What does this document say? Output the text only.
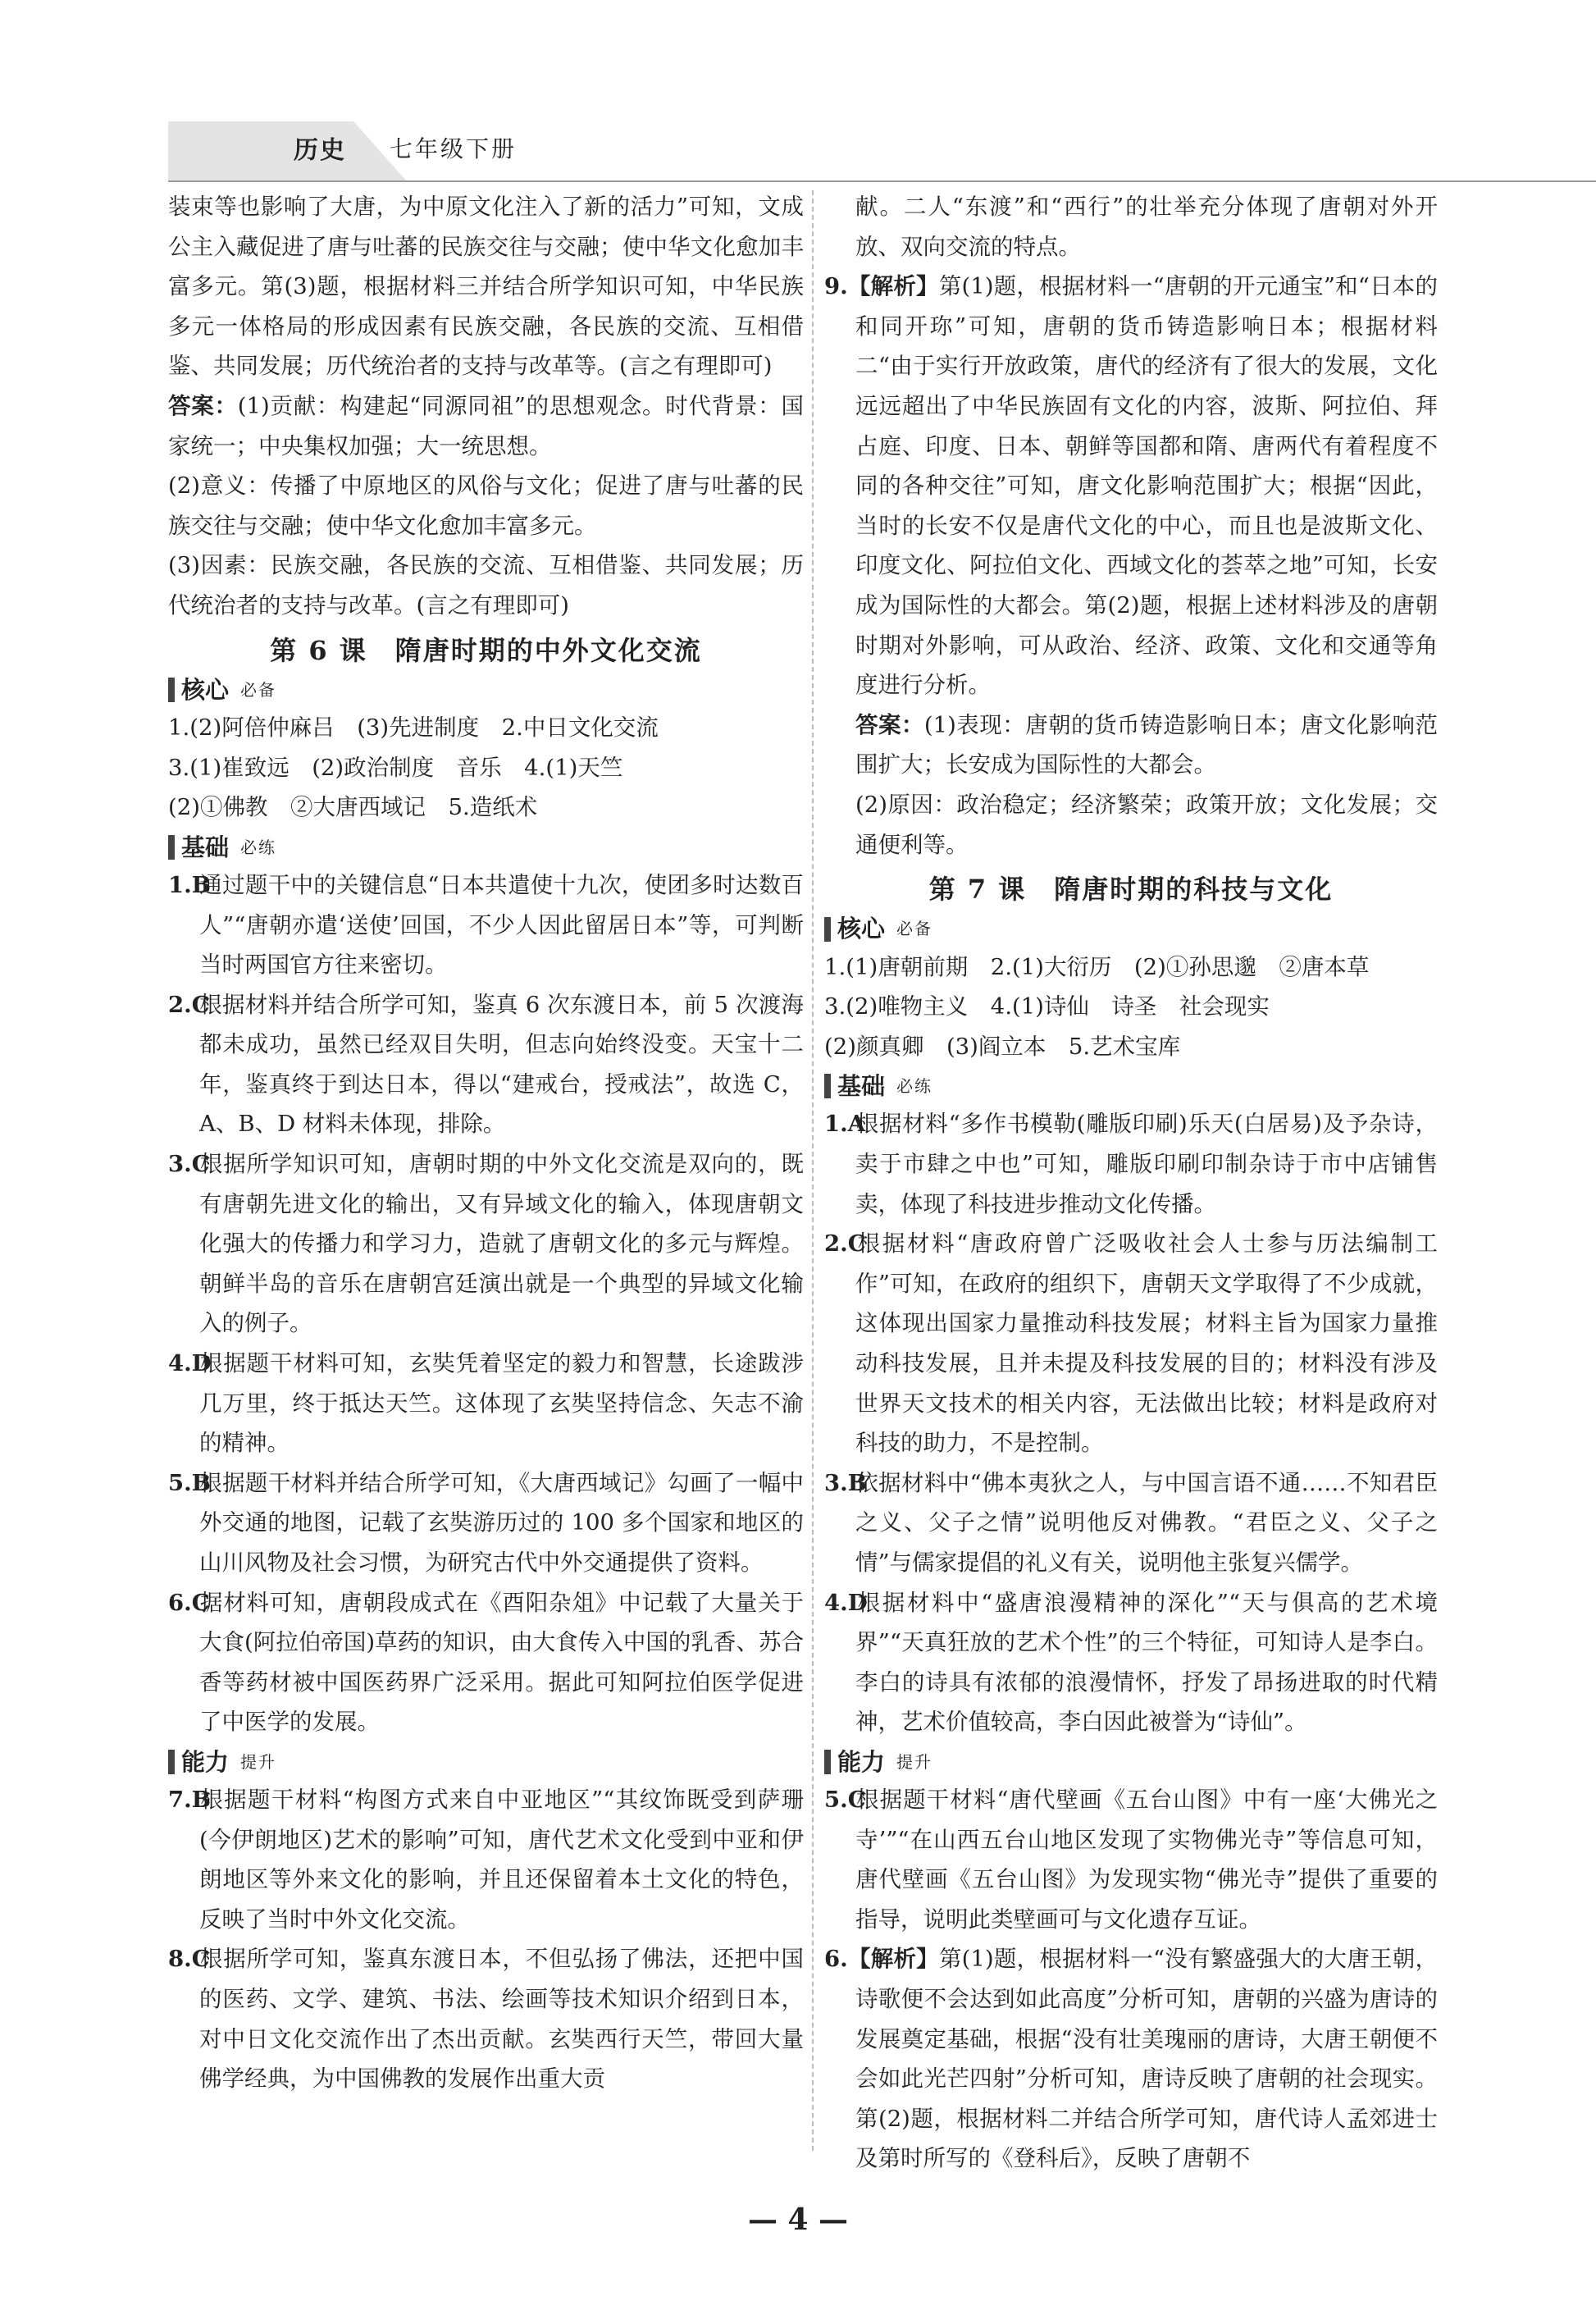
历史 七年级下册

装束等也影响了大唐，为中原文化注入了新的活力”可知，文成公主入藏促进了唐与吐蕃的民族交往与交融；使中华文化愈加丰富多元。第(3)题，根据材料三并结合所学知识可知，中华民族多元一体格局的形成因素有民族交融，各民族的交流、互相借鉴、共同发展；历代统治者的支持与改革等。(言之有理即可)

答案：(1)贡献：构建起“同源同祖”的思想观念。时代背景：国家统一；中央集权加强；大一统思想。

(2)意义：传播了中原地区的风俗与文化；促进了唐与吐蕃的民族交往与交融；使中华文化愈加丰富多元。

(3)因素：民族交融，各民族的交流、互相借鉴、共同发展；历代统治者的支持与改革。(言之有理即可)

第 6 课　隋唐时期的中外文化交流
核心 必备

1.(2)阿倍仲麻吕　(3)先进制度　2.中日文化交流

3.(1)崔致远　(2)政治制度　音乐　4.(1)天竺

(2)①佛教　②大唐西域记　5.造纸术

基础 必练

1.B通过题干中的关键信息“日本共遣使十九次，使团多时达数百人”“唐朝亦遣‘送使’回国，不少人因此留居日本”等，可判断当时两国官方往来密切。

2.C根据材料并结合所学可知，鉴真 6 次东渡日本，前 5 次渡海都未成功，虽然已经双目失明，但志向始终没变。天宝十二年，鉴真终于到达日本，得以“建戒台，授戒法”，故选 C，A、B、D 材料未体现，排除。

3.C根据所学知识可知，唐朝时期的中外文化交流是双向的，既有唐朝先进文化的输出，又有异域文化的输入，体现唐朝文化强大的传播力和学习力，造就了唐朝文化的多元与辉煌。朝鲜半岛的音乐在唐朝宫廷演出就是一个典型的异域文化输入的例子。

4.D根据题干材料可知，玄奘凭着坚定的毅力和智慧，长途跋涉几万里，终于抵达天竺。这体现了玄奘坚持信念、矢志不渝的精神。

5.B根据题干材料并结合所学可知，《大唐西域记》勾画了一幅中外交通的地图，记载了玄奘游历过的 100 多个国家和地区的山川风物及社会习惯，为研究古代中外交通提供了资料。

6.C据材料可知，唐朝段成式在《酉阳杂俎》中记载了大量关于大食(阿拉伯帝国)草药的知识，由大食传入中国的乳香、苏合香等药材被中国医药界广泛采用。据此可知阿拉伯医学促进了中医学的发展。

能力 提升

7.B根据题干材料“构图方式来自中亚地区”“其纹饰既受到萨珊(今伊朗地区)艺术的影响”可知，唐代艺术文化受到中亚和伊朗地区等外来文化的影响，并且还保留着本土文化的特色，反映了当时中外文化交流。

8.C根据所学可知，鉴真东渡日本，不但弘扬了佛法，还把中国的医药、文学、建筑、书法、绘画等技术知识介绍到日本，对中日文化交流作出了杰出贡献。玄奘西行天竺，带回大量佛学经典，为中国佛教的发展作出重大贡

献。二人“东渡”和“西行”的壮举充分体现了唐朝对外开放、双向交流的特点。

9.【解析】第(1)题，根据材料一“唐朝的开元通宝”和“日本的和同开珎”可知，唐朝的货币铸造影响日本；根据材料二“由于实行开放政策，唐代的经济有了很大的发展，文化远远超出了中华民族固有文化的内容，波斯、阿拉伯、拜占庭、印度、日本、朝鲜等国都和隋、唐两代有着程度不同的各种交往”可知，唐文化影响范围扩大；根据“因此，当时的长安不仅是唐代文化的中心，而且也是波斯文化、印度文化、阿拉伯文化、西域文化的荟萃之地”可知，长安成为国际性的大都会。第(2)题，根据上述材料涉及的唐朝时期对外影响，可从政治、经济、政策、文化和交通等角度进行分析。

答案：(1)表现：唐朝的货币铸造影响日本；唐文化影响范围扩大；长安成为国际性的大都会。

(2)原因：政治稳定；经济繁荣；政策开放；文化发展；交通便利等。

第 7 课　隋唐时期的科技与文化
核心 必备

1.(1)唐朝前期　2.(1)大衍历　(2)①孙思邈　②唐本草

3.(2)唯物主义　4.(1)诗仙　诗圣　社会现实

(2)颜真卿　(3)阎立本　5.艺术宝库

基础 必练

1.A根据材料“多作书模勒(雕版印刷)乐天(白居易)及予杂诗，卖于市肆之中也”可知，雕版印刷印制杂诗于市中店铺售卖，体现了科技进步推动文化传播。

2.C根据材料“唐政府曾广泛吸收社会人士参与历法编制工作”可知，在政府的组织下，唐朝天文学取得了不少成就，这体现出国家力量推动科技发展；材料主旨为国家力量推动科技发展，且并未提及科技发展的目的；材料没有涉及世界天文技术的相关内容，无法做出比较；材料是政府对科技的助力，不是控制。

3.B依据材料中“佛本夷狄之人，与中国言语不通……不知君臣之义、父子之情”说明他反对佛教。“君臣之义、父子之情”与儒家提倡的礼义有关，说明他主张复兴儒学。

4.D根据材料中“盛唐浪漫精神的深化”“天与俱高的艺术境界”“天真狂放的艺术个性”的三个特征，可知诗人是李白。李白的诗具有浓郁的浪漫情怀，抒发了昂扬进取的时代精神，艺术价值较高，李白因此被誉为“诗仙”。

能力 提升

5.C根据题干材料“唐代壁画《五台山图》中有一座‘大佛光之寺’”“在山西五台山地区发现了实物佛光寺”等信息可知，唐代壁画《五台山图》为发现实物“佛光寺”提供了重要的指导，说明此类壁画可与文化遗存互证。

6.【解析】第(1)题，根据材料一“没有繁盛强大的大唐王朝，诗歌便不会达到如此高度”分析可知，唐朝的兴盛为唐诗的发展奠定基础，根据“没有壮美瑰丽的唐诗，大唐王朝便不会如此光芒四射”分析可知，唐诗反映了唐朝的社会现实。第(2)题，根据材料二并结合所学可知，唐代诗人孟郊进士及第时所写的《登科后》，反映了唐朝不

— 4 —
